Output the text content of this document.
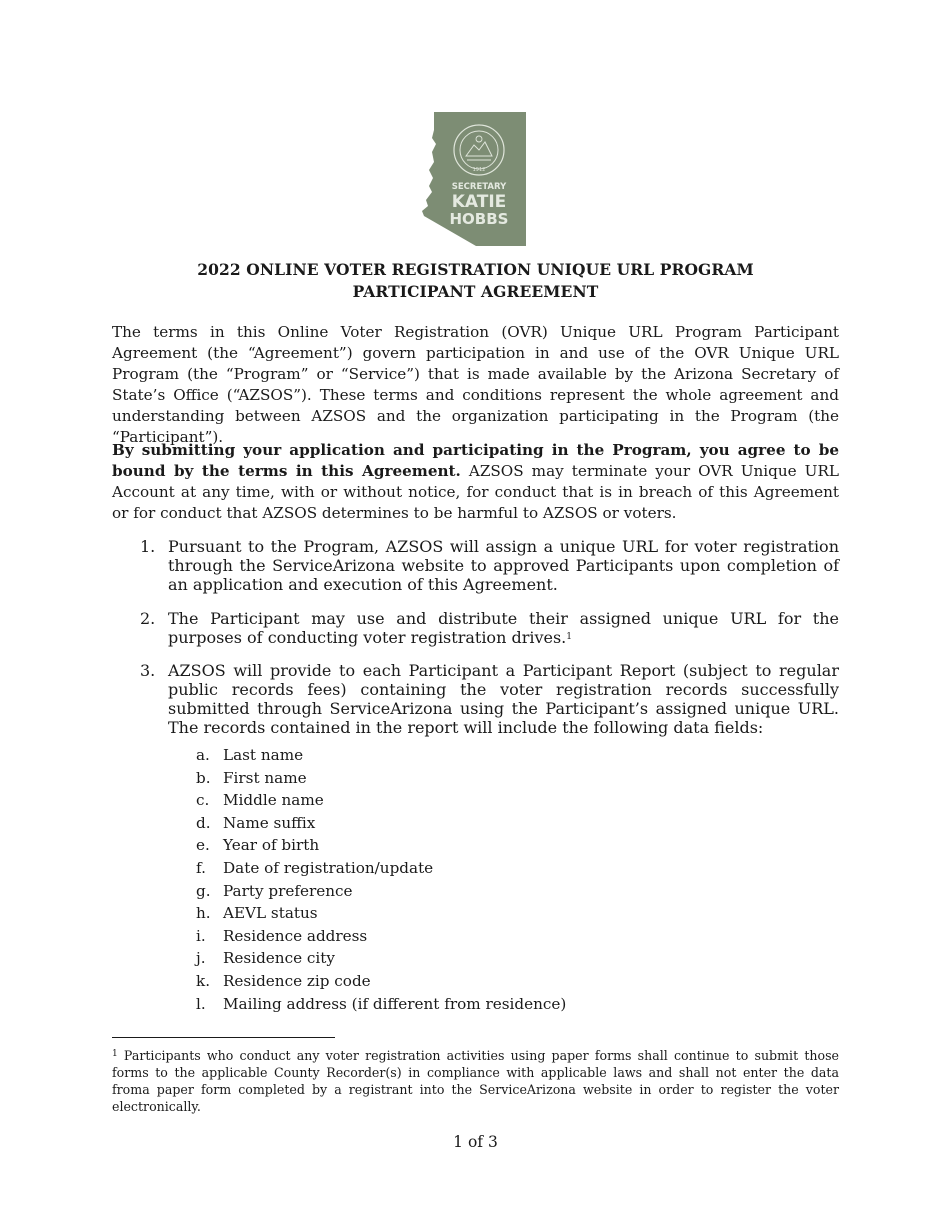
1912
SECRETARY
KATIE
HOBBS
2022 ONLINE VOTER REGISTRATION UNIQUE URL PROGRAM
PARTICIPANT AGREEMENT
The terms in this Online Voter Registration (OVR) Unique URL Program Participant Agreement (the “Agreement”) govern participation in and use of the OVR Unique URL Program (the “Program” or “Service”) that is made available by the Arizona Secretary of State’s Office (“AZSOS”). These terms and conditions represent the whole agreement and understanding between AZSOS and the organization participating in the Program (the “Participant”).
By submitting your application and participating in the Program, you agree to be bound by the terms in this Agreement. AZSOS may terminate your OVR Unique URL Account at any time, with or without notice, for conduct that is in breach of this Agreement or for conduct that AZSOS determines to be harmful to AZSOS or voters.
1. Pursuant to the Program, AZSOS will assign a unique URL for voter registration through the ServiceArizona website to approved Participants upon completion of an application and execution of this Agreement.
2. The Participant may use and distribute their assigned unique URL for the purposes of conducting voter registration drives.$^1$
3. AZSOS will provide to each Participant a Participant Report (subject to regular public records fees) containing the voter registration records successfully submitted through ServiceArizona using the Participant’s assigned unique URL. The records contained in the report will include the following data fields:
a. Last name
b. First name
c. Middle name
d. Name suffix
e. Year of birth
f. Date of registration/update
g. Party preference
h. AEVL status
i. Residence address
j. Residence city
k. Residence zip code
l. Mailing address (if different from residence)
$^1$ Participants who conduct any voter registration activities using paper forms shall continue to submit those forms to the applicable County Recorder(s) in compliance with applicable laws and shall not enter the data froma paper form completed by a registrant into the ServiceArizona website in order to register the voter electronically.
1 of 3
